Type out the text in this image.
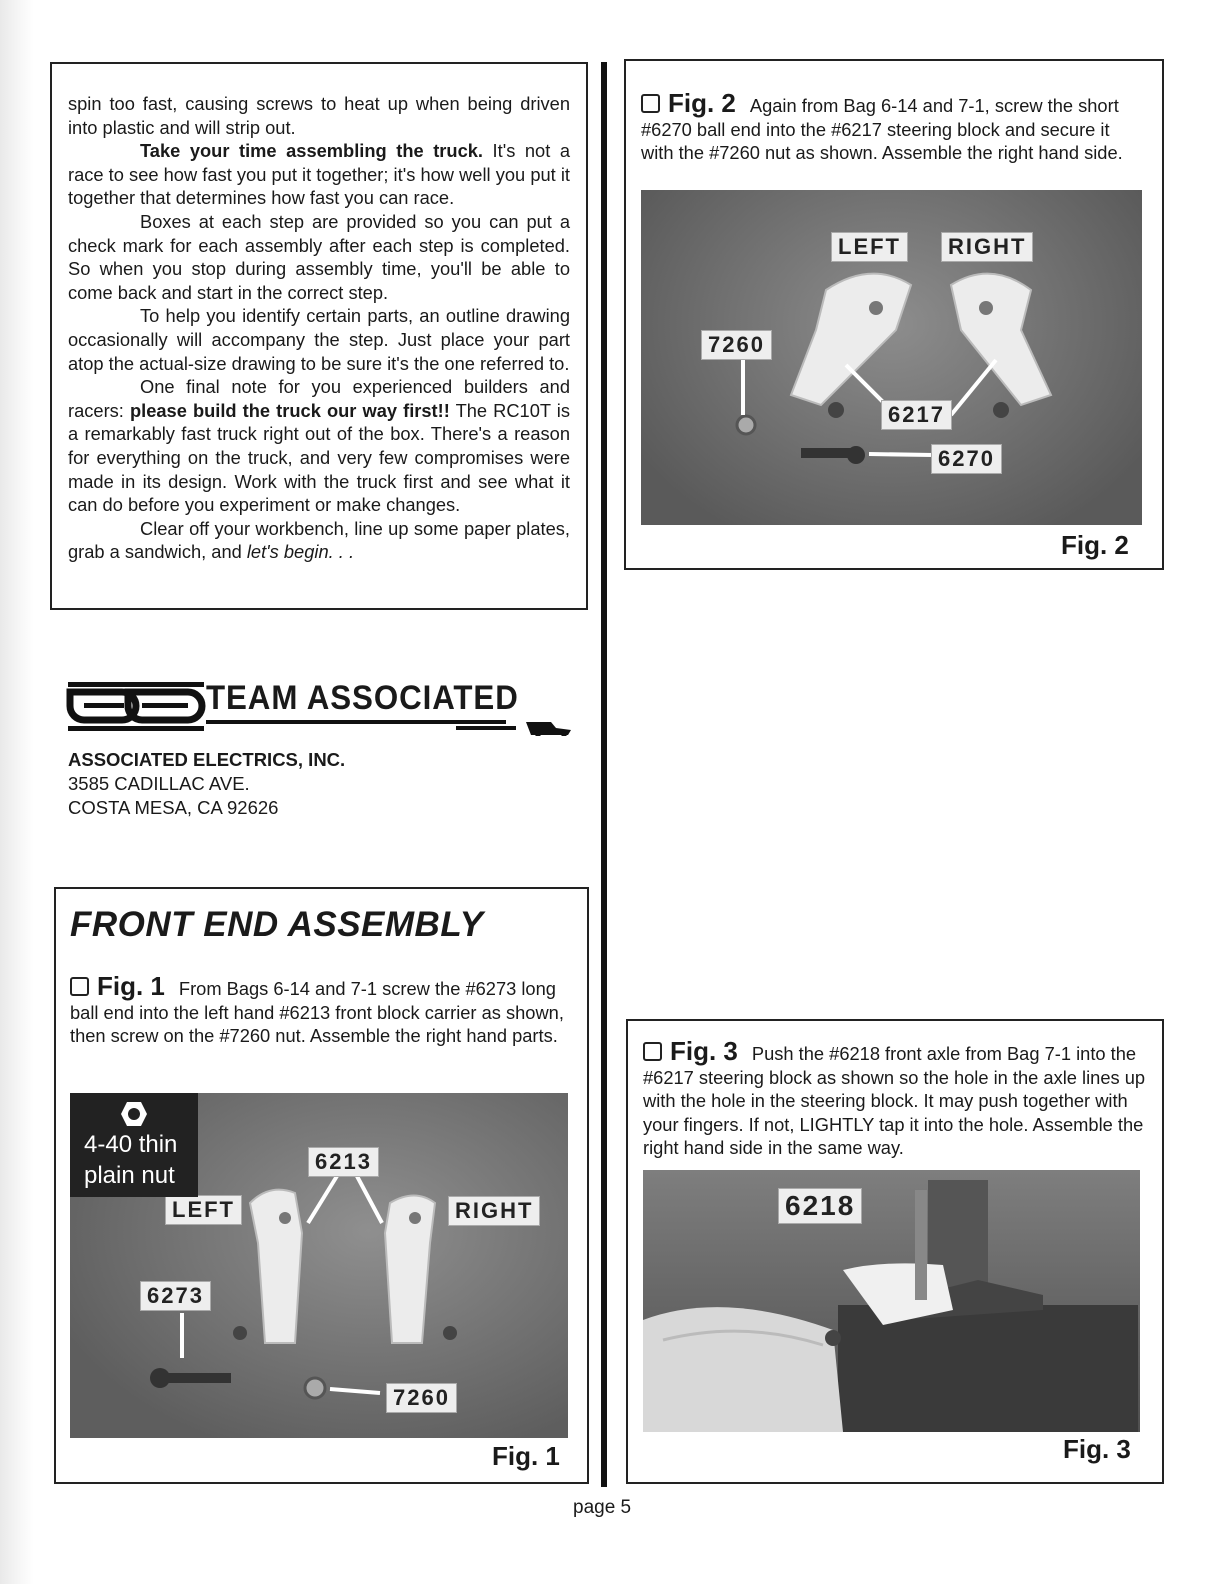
spin too fast, causing screws to heat up when being driven into plastic and will strip out.

Take your time assembling the truck. It's not a race to see how fast you put it together; it's how well you put it together that determines how fast you can race.

Boxes at each step are provided so you can put a check mark for each assembly after each step is completed. So when you stop during assembly time, you'll be able to come back and start in the correct step.

To help you identify certain parts, an outline drawing occasionally will accompany the step. Just place your part atop the actual-size drawing to be sure it's the one referred to.

One final note for you experienced builders and racers: please build the truck our way first!! The RC10T is a remarkably fast truck right out of the box. There's a reason for everything on the truck, and very few compromises were made in its design. Work with the truck first and see what it can do before you experiment or make changes.

Clear off your workbench, line up some paper plates, grab a sandwich, and let's begin. . .

TEAM ASSOCIATED
ASSOCIATED ELECTRICS, INC.
3585 CADILLAC AVE.
COSTA MESA, CA 92626
FRONT END ASSEMBLY
Fig. 1 From Bags 6-14 and 7-1 screw the #6273 long ball end into the left hand #6213 front block carrier as shown, then screw on the #7260 nut. Assemble the right hand parts.
LEFT	RIGHT
6213
6273
7260
4-40 thin
plain nut
Fig. 1
Fig. 2 Again from Bag 6-14 and 7-1, screw the short #6270 ball end into the #6217 steering block and secure it with the #7260 nut as shown. Assemble the right hand side.
LEFT	RIGHT
7260
6217
6270
Fig. 2
Fig. 3 Push the #6218 front axle from Bag 7-1 into the #6217 steering block as shown so the hole in the axle lines up with the hole in the steering block. It may push together with your fingers. If not, LIGHTLY tap it into the hole. Assemble the right hand side in the same way.
6218
Fig. 3
page 5
